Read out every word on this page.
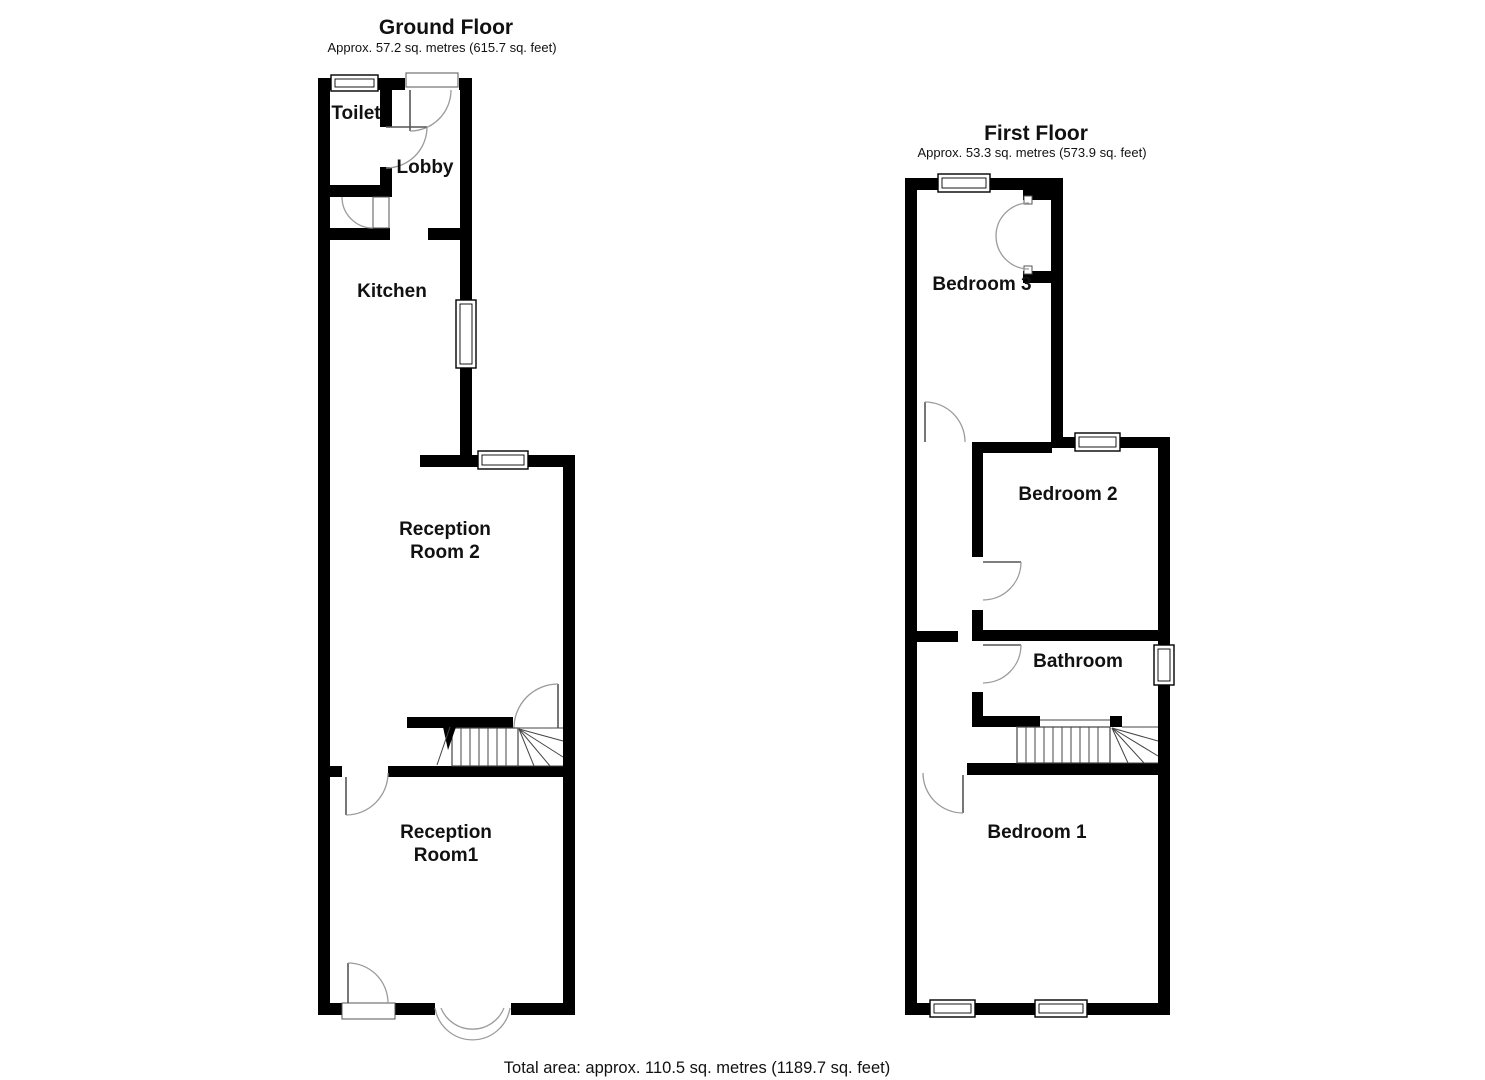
Ground Floor
Approx. 57.2 sq. metres (615.7 sq. feet)
Toilet
Lobby
Kitchen
Reception
Room 2
Reception
Room1
First Floor
Approx. 53.3 sq. metres (573.9 sq. feet)
Bedroom 3
Bedroom 2
Bathroom
Bedroom 1
Total area: approx. 110.5 sq. metres (1189.7 sq. feet)
